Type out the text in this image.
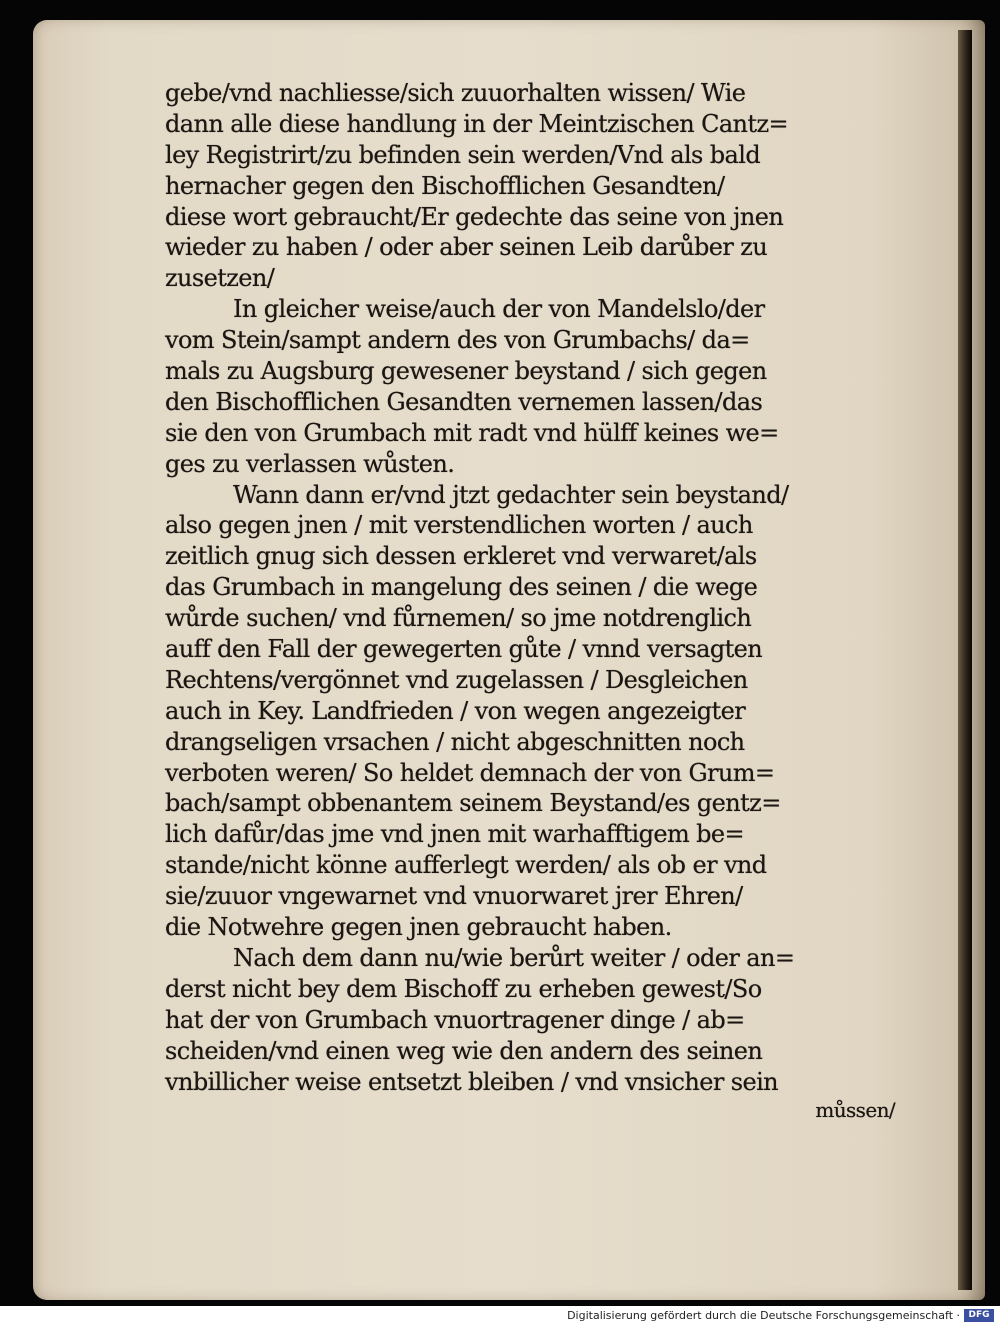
gebe/vnd nachliesse/sich zuuorhalten wissen/ Wie
dann alle diese handlung in der Meintzischen Cantz=
ley Registrirt/zu befinden sein werden/Vnd als bald
hernacher gegen den Bischofflichen Gesandten/
diese wort gebraucht/Er gedechte das seine von jnen
wieder zu haben / oder aber seinen Leib darůber zu
zusetzen/
In gleicher weise/auch der von Mandelslo/der
vom Stein/sampt andern des von Grumbachs/ da=
mals zu Augsburg gewesener beystand / sich gegen
den Bischofflichen Gesandten vernemen lassen/das
sie den von Grumbach mit radt vnd hülff keines we=
ges zu verlassen wůsten.
Wann dann er/vnd jtzt gedachter sein beystand/
also gegen jnen / mit verstendlichen worten / auch
zeitlich gnug sich dessen erkleret vnd verwaret/als
das Grumbach in mangelung des seinen / die wege
wůrde suchen/ vnd fůrnemen/ so jme notdrenglich
auff den Fall der gewegerten gůte / vnnd versagten
Rechtens/vergönnet vnd zugelassen / Desgleichen
auch in Key. Landfrieden / von wegen angezeigter
drangseligen vrsachen / nicht abgeschnitten noch
verboten weren/ So heldet demnach der von Grum=
bach/sampt obbenantem seinem Beystand/es gentz=
lich dafůr/das jme vnd jnen mit warhafftigem be=
stande/nicht könne aufferlegt werden/ als ob er vnd
sie/zuuor vngewarnet vnd vnuorwaret jrer Ehren/
die Notwehre gegen jnen gebraucht haben.
Nach dem dann nu/wie berůrt weiter / oder an=
derst nicht bey dem Bischoff zu erheben gewest/So
hat der von Grumbach vnuortragener dinge / ab=
scheiden/vnd einen weg wie den andern des seinen
vnbillicher weise entsetzt bleiben / vnd vnsicher sein
můssen/
Digitalisierung gefördert durch die Deutsche Forschungsgemeinschaft · DFG
